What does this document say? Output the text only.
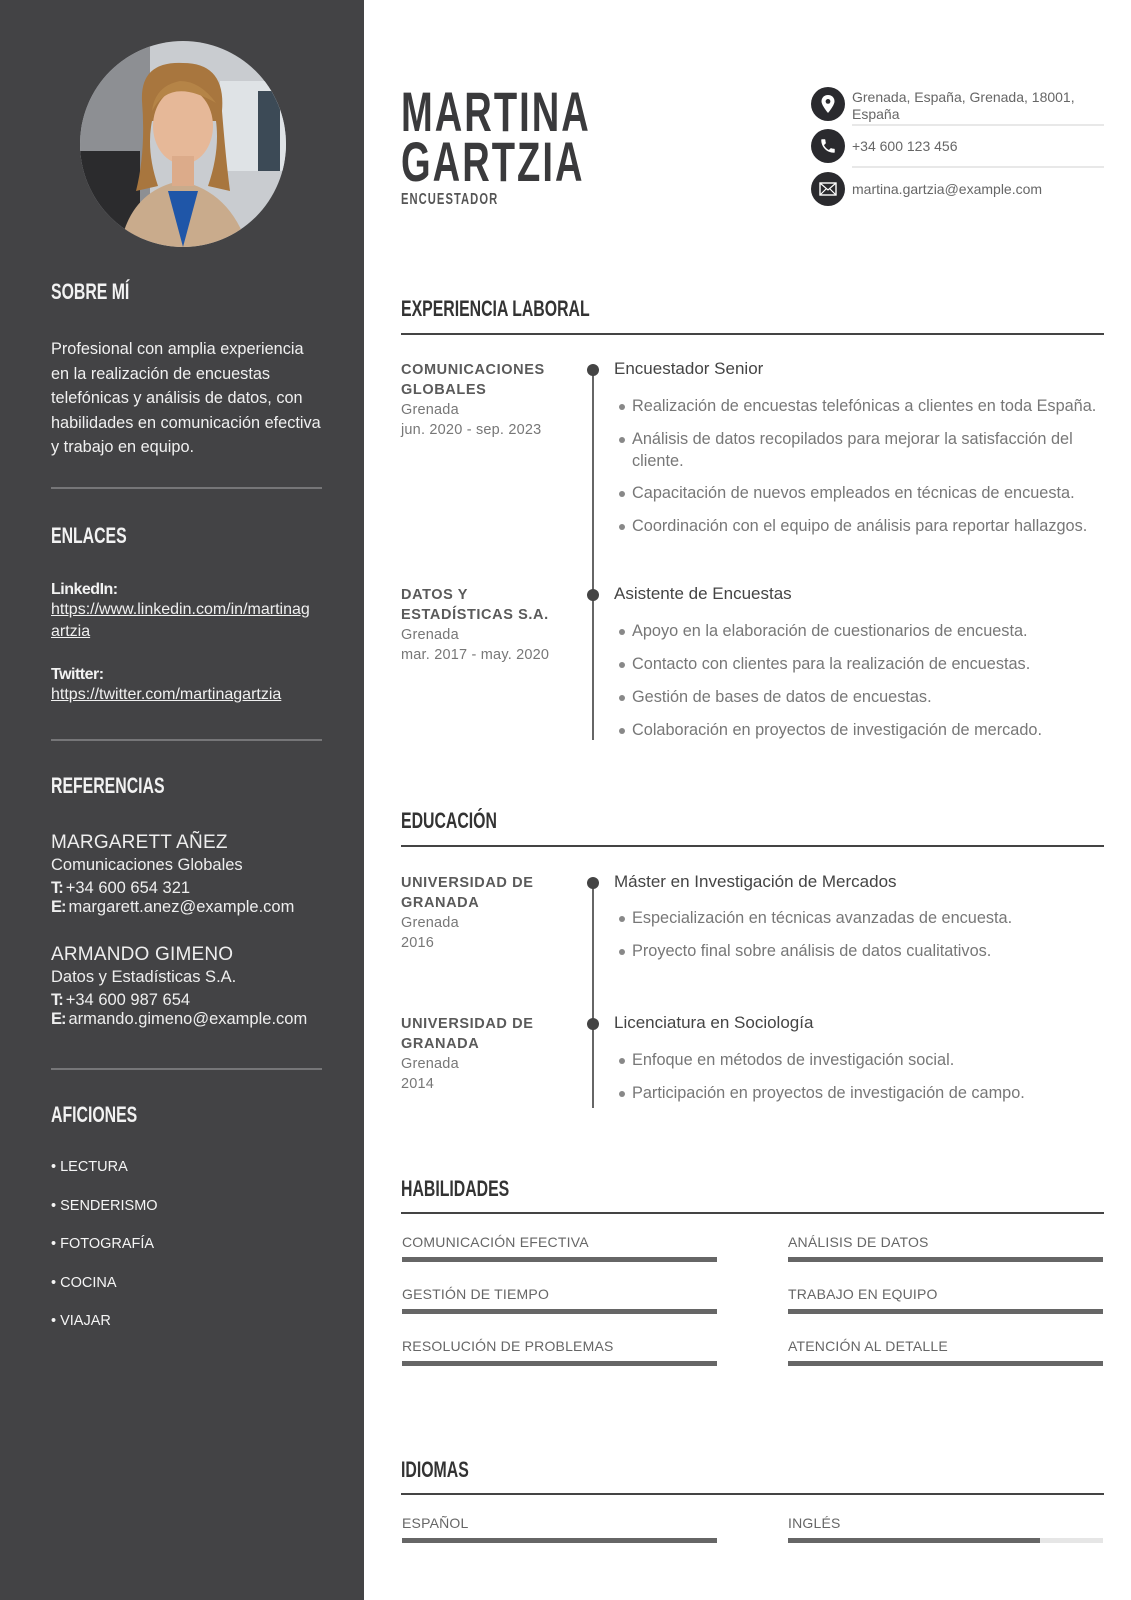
SOBRE MÍ
Profesional con amplia experiencia en la realización de encuestas telefónicas y análisis de datos, con habilidades en comunicación efectiva y trabajo en equipo.
ENLACES
LinkedIn:
https://www.linkedin.com/in/martinagartzia
Twitter:
https://twitter.com/martinagartzia
REFERENCIAS
MARGARETT AÑEZ
Comunicaciones Globales
T: +34 600 654 321
E: margarett.anez@example.com
ARMANDO GIMENO
Datos y Estadísticas S.A.
T: +34 600 987 654
E: armando.gimeno@example.com
AFICIONES
• LECTURA
• SENDERISMO
• FOTOGRAFÍA
• COCINA
• VIAJAR
MARTINA
GARTZIA
ENCUESTADOR
Grenada, España, Grenada, 18001, España
+34 600 123 456
martina.gartzia@example.com
EXPERIENCIA LABORAL
COMUNICACIONES GLOBALES
Grenada
jun. 2020 - sep. 2023
Encuestador Senior
Realización de encuestas telefónicas a clientes en toda España.
Análisis de datos recopilados para mejorar la satisfacción del cliente.
Capacitación de nuevos empleados en técnicas de encuesta.
Coordinación con el equipo de análisis para reportar hallazgos.
DATOS Y ESTADÍSTICAS S.A.
Grenada
mar. 2017 - may. 2020
Asistente de Encuestas
Apoyo en la elaboración de cuestionarios de encuesta.
Contacto con clientes para la realización de encuestas.
Gestión de bases de datos de encuestas.
Colaboración en proyectos de investigación de mercado.
EDUCACIÓN
UNIVERSIDAD DE GRANADA
Grenada
2016
Máster en Investigación de Mercados
Especialización en técnicas avanzadas de encuesta.
Proyecto final sobre análisis de datos cualitativos.
UNIVERSIDAD DE GRANADA
Grenada
2014
Licenciatura en Sociología
Enfoque en métodos de investigación social.
Participación en proyectos de investigación de campo.
HABILIDADES
COMUNICACIÓN EFECTIVA	ANÁLISIS DE DATOS
GESTIÓN DE TIEMPO	TRABAJO EN EQUIPO
RESOLUCIÓN DE PROBLEMAS	ATENCIÓN AL DETALLE
IDIOMAS
ESPAÑOL	INGLÉS
